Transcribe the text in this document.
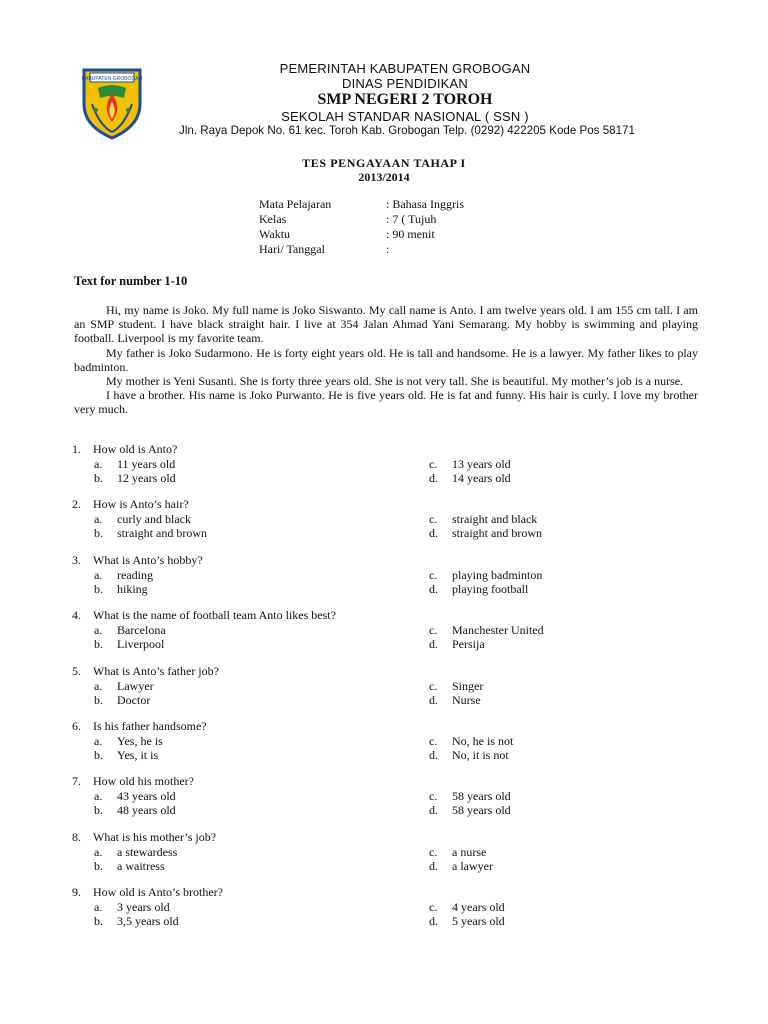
KABUPATEN GROBOGAN
PEMERINTAH KABUPATEN GROBOGAN
DINAS PENDIDIKAN
SMP NEGERI 2 TOROH
SEKOLAH STANDAR NASIONAL ( SSN )
Jln. Raya Depok No. 61 kec. Toroh Kab. Grobogan Telp. (0292) 422205 Kode Pos 58171
TES PENGAYAAN TAHAP I
2013/2014
Mata Pelajaran	: Bahasa Inggris
Kelas	: 7 ( Tujuh
Waktu	: 90 menit
Hari/ Tanggal	:
Text for number 1-10

Hi, my name is Joko. My full name is Joko Siswanto. My call name is Anto. I am twelve years old. I am 155 cm tall. I am an SMP student. I have black straight hair. I live at 354 Jalan Ahmad Yani Semarang. My hobby is swimming and playing football. Liverpool is my favorite team.

My father is Joko Sudarmono. He is forty eight years old. He is tall and handsome. He is a lawyer. My father likes to play badminton.

My mother is Yeni Susanti. She is forty three years old. She is not very tall. She is beautiful. My mother’s job is a nurse.

I have a brother. His name is Joko Purwanto. He is five years old. He is fat and funny. His hair is curly. I love my brother very much.

1. How old is Anto?
a. 11 years old
b. 12 years old
c. 13 years old
d. 14 years old
2. How is Anto’s hair?
a. curly and black
b. straight and brown
c. straight and black
d. straight and brown
3. What is Anto’s hobby?
a. reading
b. hiking
c. playing badminton
d. playing football
4. What is the name of football team Anto likes best?
a. Barcelona
b. Liverpool
c. Manchester United
d. Persija
5. What is Anto’s father job?
a. Lawyer
b. Doctor
c. Singer
d. Nurse
6. Is his father handsome?
a. Yes, he is
b. Yes, it is
c. No, he is not
d. No, it is not
7. How old his mother?
a. 43 years old
b. 48 years old
c. 58 years old
d. 58 years old
8. What is his mother’s job?
a. a stewardess
b. a waitress
c. a nurse
d. a lawyer
9. How old is Anto’s brother?
a. 3 years old
b. 3,5 years old
c. 4 years old
d. 5 years old
